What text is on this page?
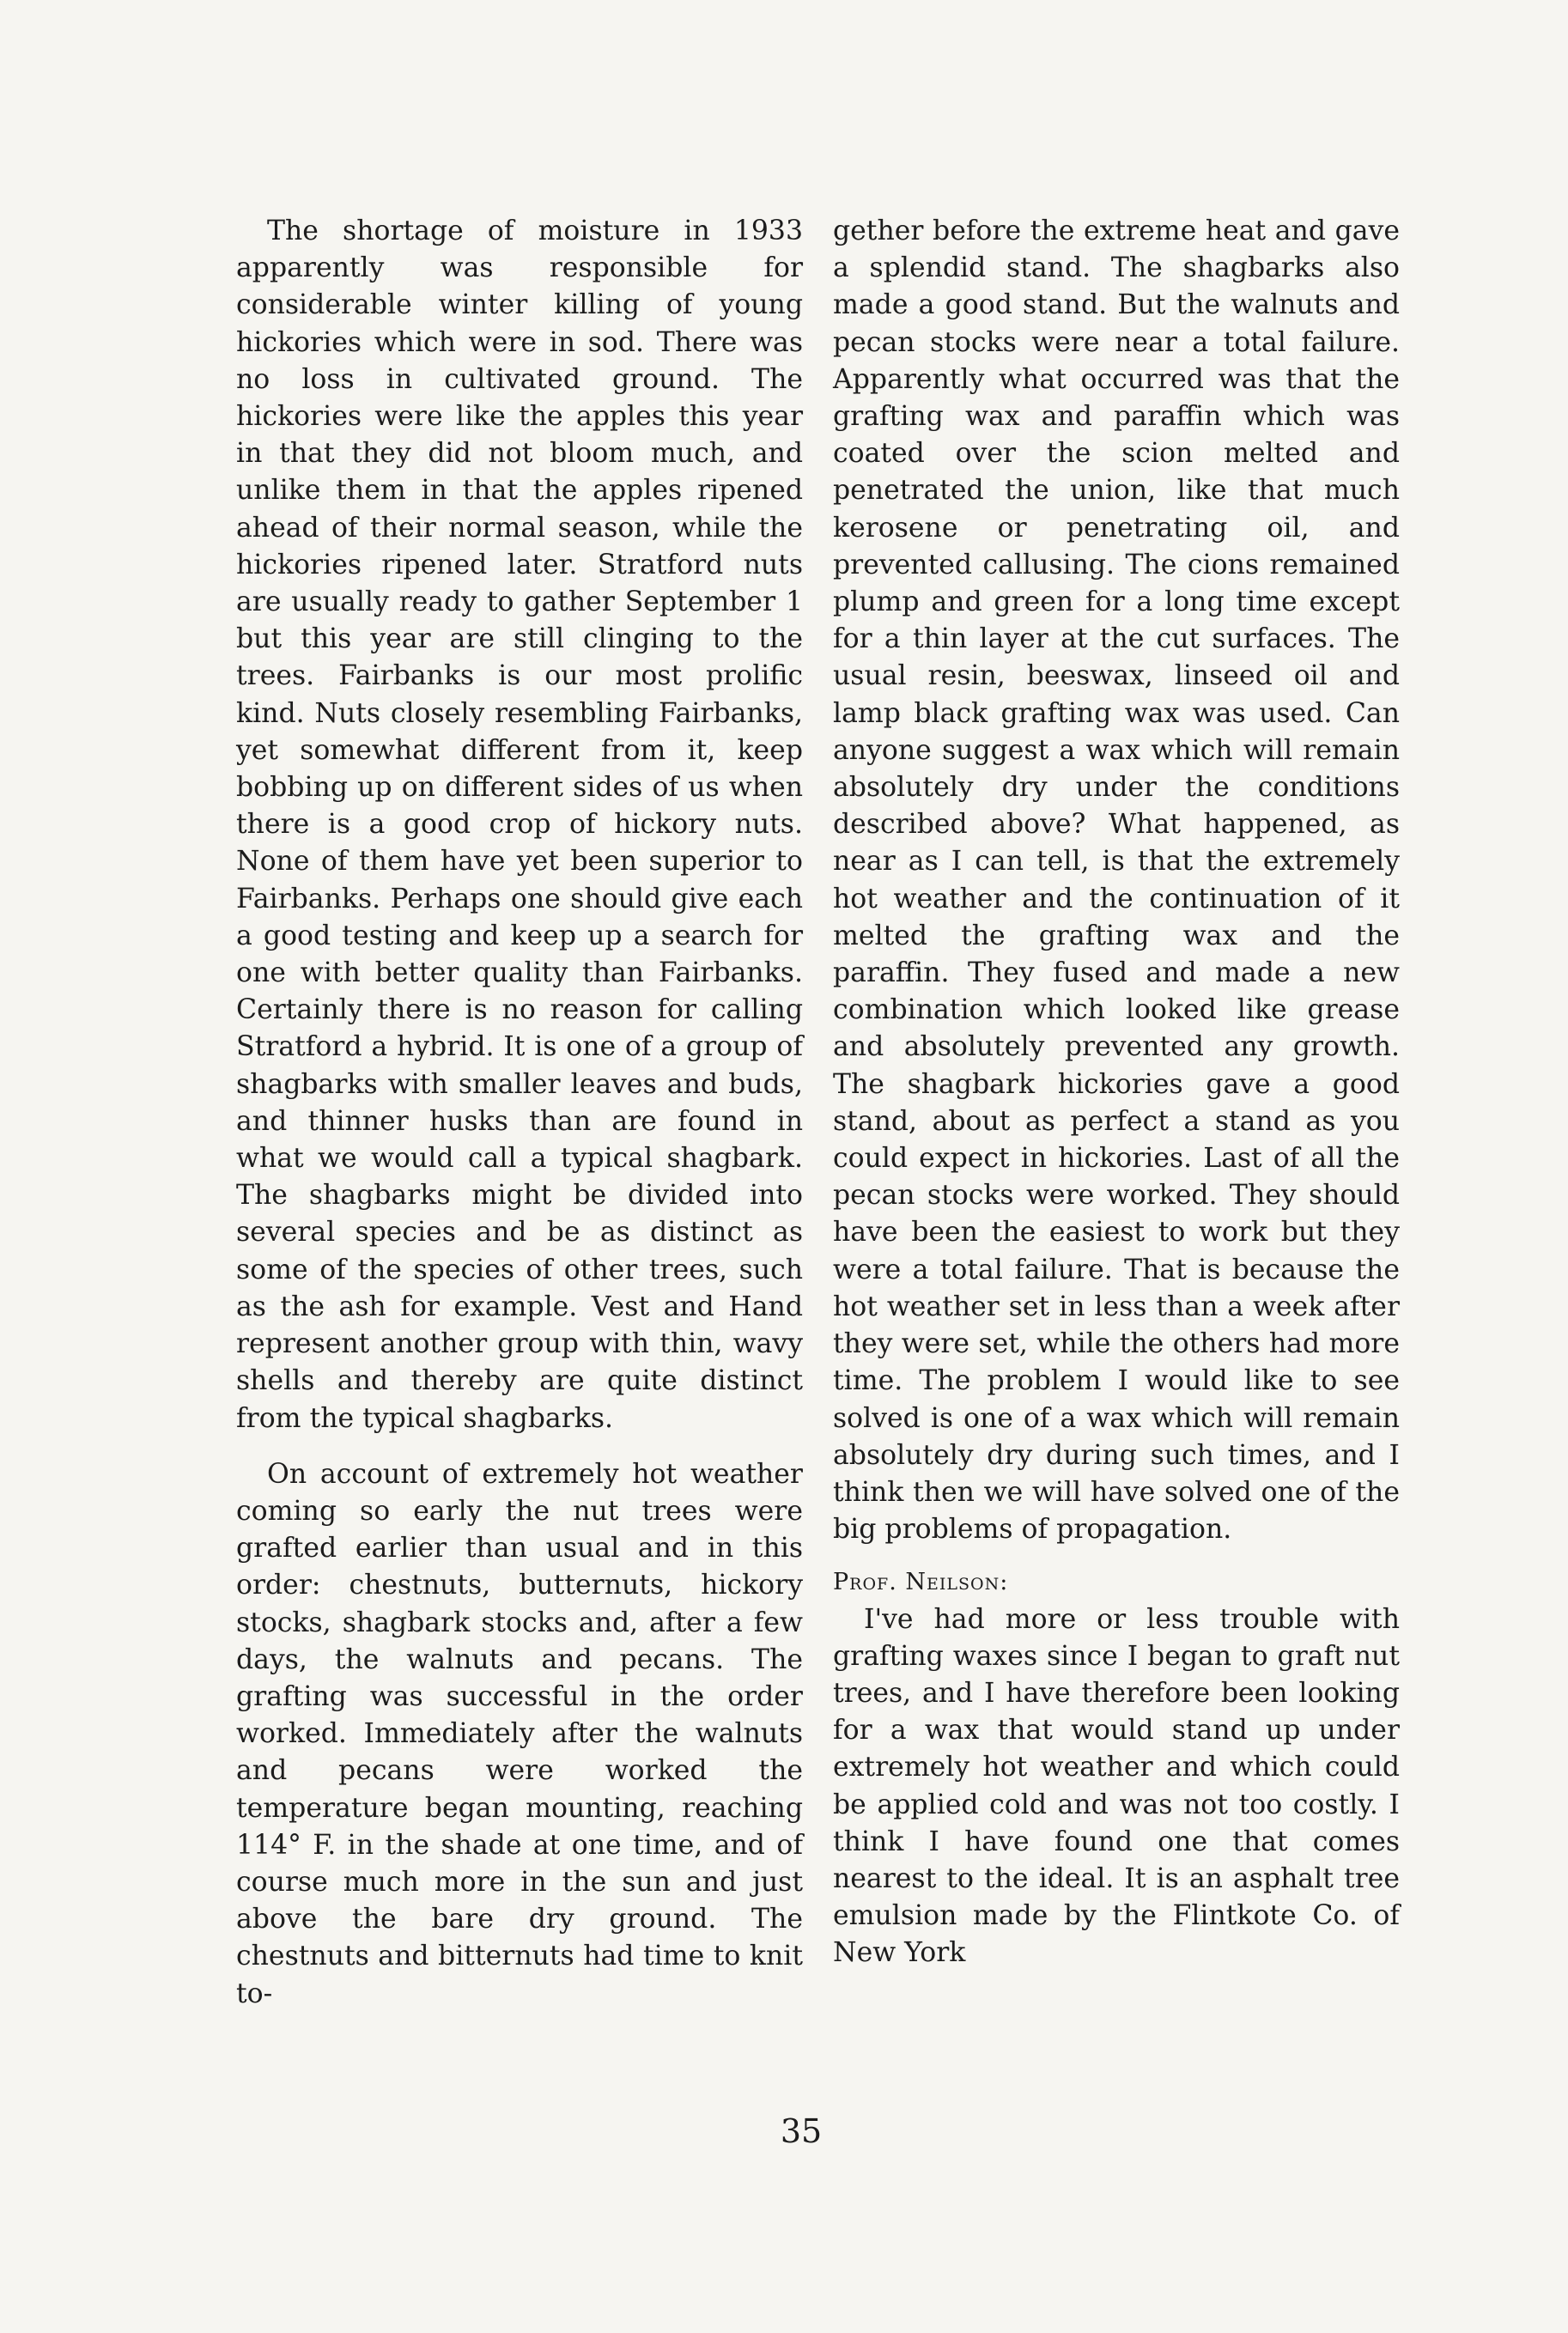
The shortage of moisture in 1933 apparently was responsible for considerable winter killing of young hickories which were in sod. There was no loss in cultivated ground. The hickories were like the apples this year in that they did not bloom much, and unlike them in that the apples ripened ahead of their normal season, while the hickories ripened later. Stratford nuts are usually ready to gather September 1 but this year are still clinging to the trees. Fairbanks is our most prolific kind. Nuts closely resembling Fairbanks, yet somewhat different from it, keep bobbing up on different sides of us when there is a good crop of hickory nuts. None of them have yet been superior to Fairbanks. Perhaps one should give each a good testing and keep up a search for one with better quality than Fairbanks. Certainly there is no reason for calling Stratford a hybrid. It is one of a group of shagbarks with smaller leaves and buds, and thinner husks than are found in what we would call a typical shagbark. The shagbarks might be divided into several species and be as distinct as some of the species of other trees, such as the ash for example. Vest and Hand represent another group with thin, wavy shells and thereby are quite distinct from the typical shagbarks.

On account of extremely hot weather coming so early the nut trees were grafted earlier than usual and in this order: chestnuts, butternuts, hickory stocks, shagbark stocks and, after a few days, the walnuts and pecans. The grafting was successful in the order worked. Immediately after the walnuts and pecans were worked the temperature began mounting, reaching 114° F. in the shade at one time, and of course much more in the sun and just above the bare dry ground. The chestnuts and bitternuts had time to knit to-

gether before the extreme heat and gave a splendid stand. The shagbarks also made a good stand. But the walnuts and pecan stocks were near a total failure. Apparently what occurred was that the grafting wax and paraffin which was coated over the scion melted and penetrated the union, like that much kerosene or penetrating oil, and prevented callusing. The cions remained plump and green for a long time except for a thin layer at the cut surfaces. The usual resin, beeswax, linseed oil and lamp black grafting wax was used. Can anyone suggest a wax which will remain absolutely dry under the conditions described above? What happened, as near as I can tell, is that the extremely hot weather and the continuation of it melted the grafting wax and the paraffin. They fused and made a new combination which looked like grease and absolutely prevented any growth. The shagbark hickories gave a good stand, about as perfect a stand as you could expect in hickories. Last of all the pecan stocks were worked. They should have been the easiest to work but they were a total failure. That is because the hot weather set in less than a week after they were set, while the others had more time. The problem I would like to see solved is one of a wax which will remain absolutely dry during such times, and I think then we will have solved one of the big problems of propagation.

Prof. Neilson:

I've had more or less trouble with grafting waxes since I began to graft nut trees, and I have therefore been looking for a wax that would stand up under extremely hot weather and which could be applied cold and was not too costly. I think I have found one that comes nearest to the ideal. It is an asphalt tree emulsion made by the Flintkote Co. of New York

35
